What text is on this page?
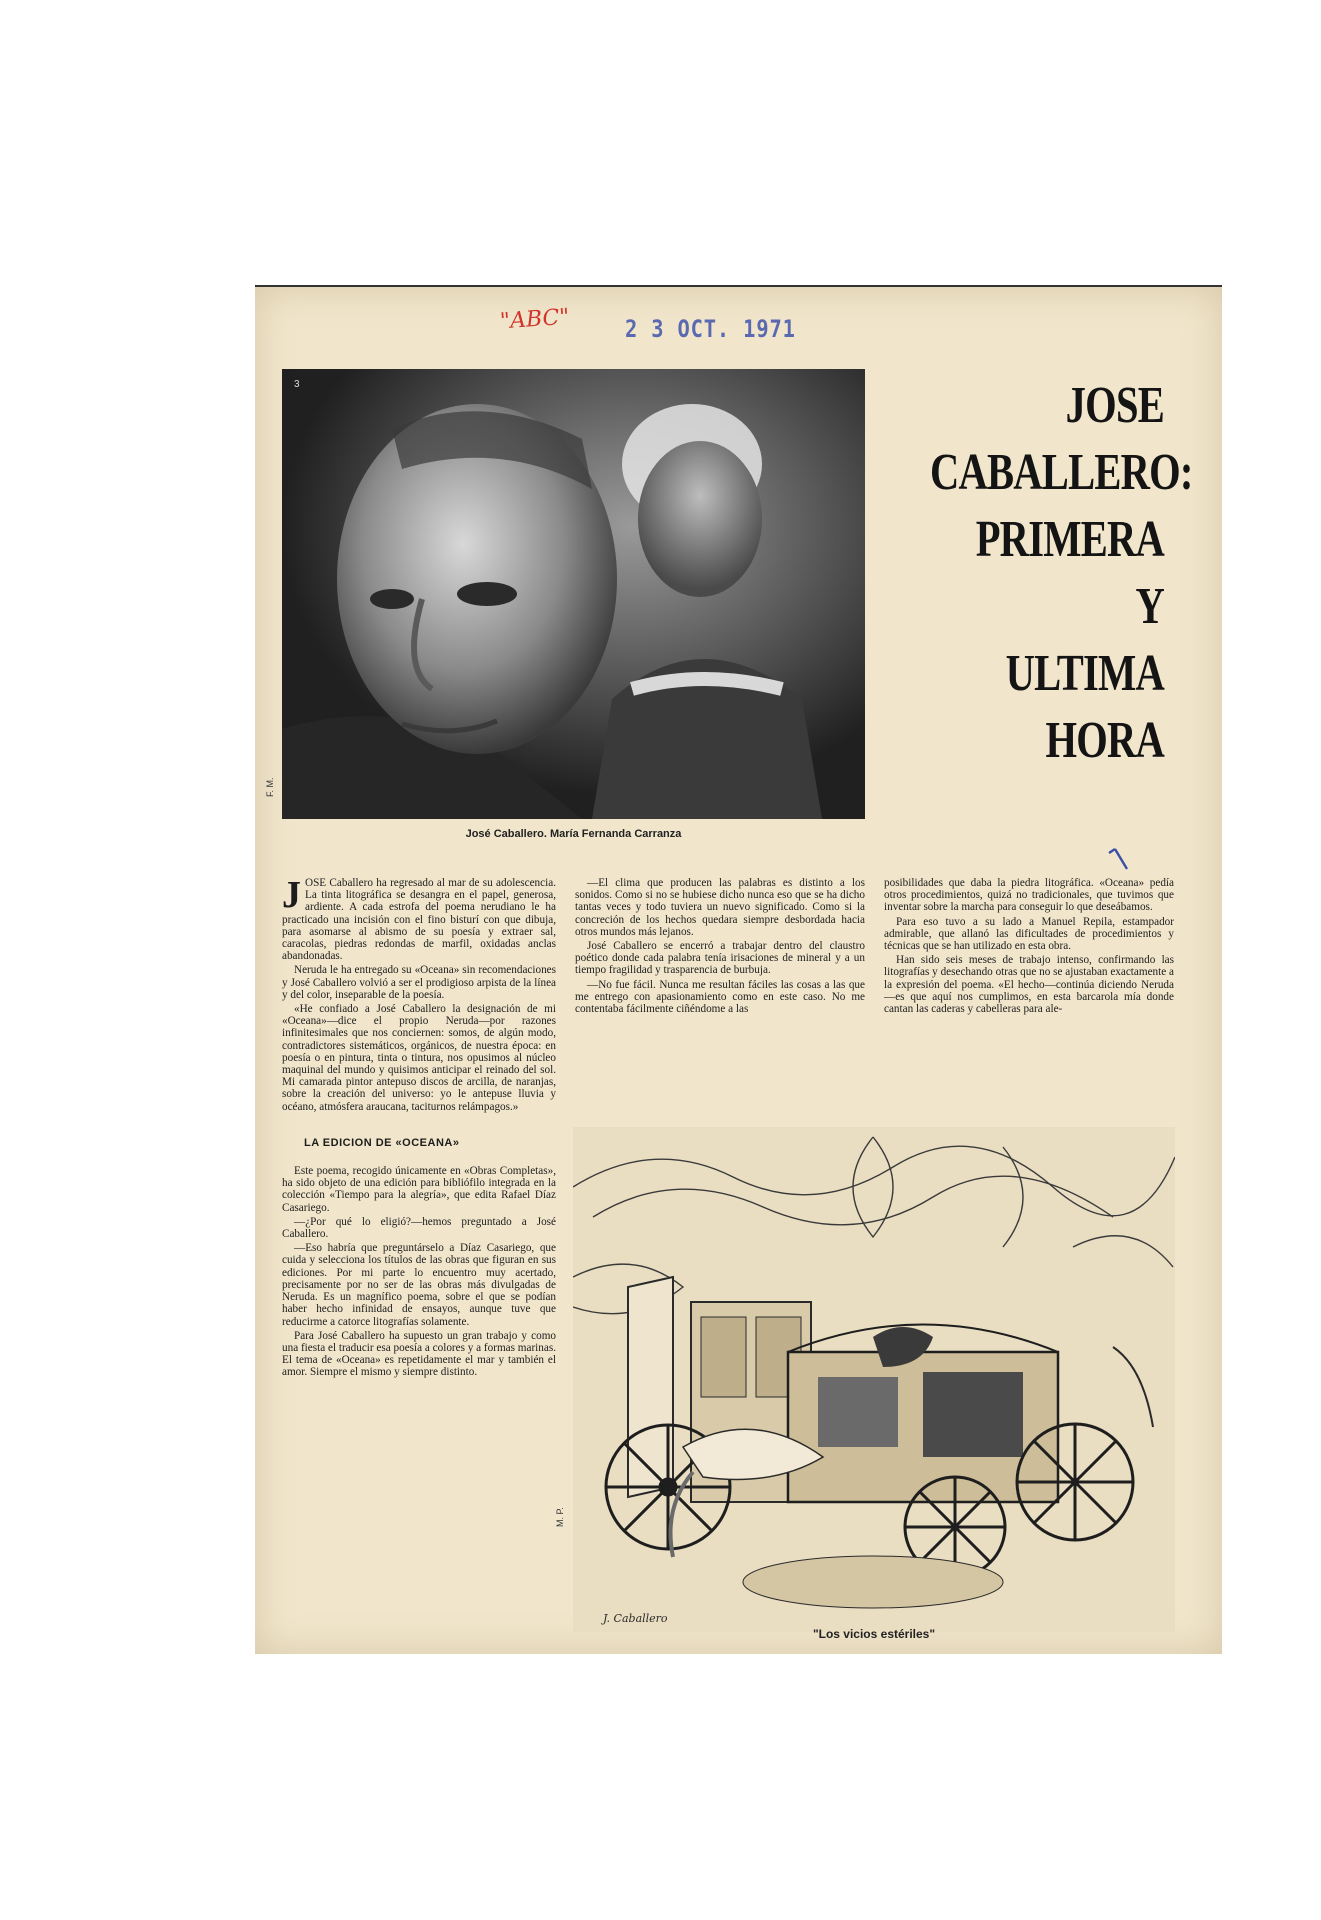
"ABC" 2 3 OCT. 1971
3
F. M.
José Caballero. María Fernanda Carranza
JOSE
CABALLERO:
PRIMERA
Y
ULTIMA
HORA

JOSE Caballero ha regresado al mar de su adolescencia. La tinta litográfica se desangra en el papel, generosa, ardiente. A cada estrofa del poema nerudiano le ha practicado una incisión con el fino bisturí con que dibuja, para asomarse al abismo de su poesía y extraer sal, caracolas, piedras redondas de marfil, oxidadas anclas abandonadas.

Neruda le ha entregado su «Oceana» sin recomendaciones y José Caballero volvió a ser el prodigioso arpista de la línea y del color, inseparable de la poesía.

«He confiado a José Caballero la designación de mi «Oceana»—dice el propio Neruda—por razones infinitesimales que nos conciernen: somos, de algún modo, contradictores sistemáticos, orgánicos, de nuestra época: en poesía o en pintura, tinta o tintura, nos opusimos al núcleo maquinal del mundo y quisimos anticipar el reinado del sol. Mi camarada pintor antepuso discos de arcilla, de naranjas, sobre la creación del universo: yo le antepuse lluvia y océano, atmósfera araucana, taciturnos relámpagos.»

LA EDICION DE «OCEANA»

Este poema, recogido únicamente en «Obras Completas», ha sido objeto de una edición para bibliófilo integrada en la colección «Tiempo para la alegría», que edita Rafael Díaz Casariego.

—¿Por qué lo eligió?—hemos preguntado a José Caballero.

—Eso habría que preguntárselo a Díaz Casariego, que cuida y selecciona los títulos de las obras que figuran en sus ediciones. Por mi parte lo encuentro muy acertado, precisamente por no ser de las obras más divulgadas de Neruda. Es un magnífico poema, sobre el que se podían haber hecho infinidad de ensayos, aunque tuve que reducirme a catorce litografías solamente.

Para José Caballero ha supuesto un gran trabajo y como una fiesta el traducir esa poesía a colores y a formas marinas. El tema de «Oceana» es repetidamente el mar y también el amor. Siempre el mismo y siempre distinto.

—El clima que producen las palabras es distinto a los sonidos. Como si no se hubiese dicho nunca eso que se ha dicho tantas veces y todo tuviera un nuevo significado. Como si la concreción de los hechos quedara siempre desbordada hacia otros mundos más lejanos.

José Caballero se encerró a trabajar dentro del claustro poético donde cada palabra tenía irisaciones de mineral y a un tiempo fragilidad y trasparencia de burbuja.

—No fue fácil. Nunca me resultan fáciles las cosas a las que me entrego con apasionamiento como en este caso. No me contentaba fácilmente ciñéndome a las

posibilidades que daba la piedra litográfica. «Oceana» pedía otros procedimientos, quizá no tradicionales, que tuvimos que inventar sobre la marcha para conseguir lo que deseábamos.

Para eso tuvo a su lado a Manuel Repila, estampador admirable, que allanó las dificultades de procedimientos y técnicas que se han utilizado en esta obra.

Han sido seis meses de trabajo intenso, confirmando las litografías y desechando otras que no se ajustaban exactamente a la expresión del poema. «El hecho—continúa diciendo Neruda—es que aquí nos cumplimos, en esta barcarola mía donde cantan las caderas y cabelleras para ale-

J. Caballero
M. P.
"Los vicios estériles"
